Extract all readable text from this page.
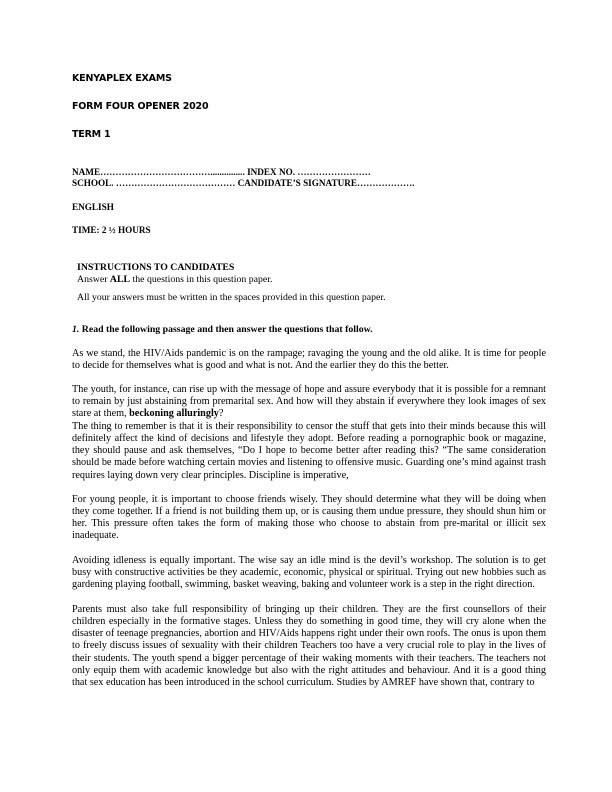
KENYAPLEX EXAMS

FORM FOUR OPENER 2020

TERM 1

NAME………………………………............... INDEX NO. ……………………

SCHOOL. ………………………………… CANDIDATE’S SIGNATURE……………….

ENGLISH

TIME: 2 ½ HOURS

INSTRUCTIONS TO CANDIDATES

Answer ALL the questions in this question paper.

All your answers must be written in the spaces provided in this question paper.

1. Read the following passage and then answer the questions that follow.

As we stand, the HIV/Aids pandemic is on the rampage; ravaging the young and the old alike. It is time for people to decide for themselves what is good and what is not. And the earlier they do this the better.

The youth, for instance, can rise up with the message of hope and assure everybody that it is possible for a remnant to remain by just abstaining from premarital sex. And how will they abstain if everywhere they look images of sex stare at them, beckoning alluringly?

The thing to remember is that it is their responsibility to censor the stuff that gets into their minds because this will definitely affect the kind of decisions and lifestyle they adopt. Before reading a pornographic book or magazine, they should pause and ask themselves, “Do I hope to become better after reading this? “The same consideration should be made before watching certain movies and listening to offensive music. Guarding one’s mind against trash requires laying down very clear principles. Discipline is imperative,

For young people, it is important to choose friends wisely. They should determine what they will be doing when they come together. If a friend is not building them up, or is causing them undue pressure, they should shun him or her. This pressure often takes the form of making those who choose to abstain from pre-marital or illicit sex inadequate.

Avoiding idleness is equally important. The wise say an idle mind is the devil’s workshop. The solution is to get busy with constructive activities be they academic, economic, physical or spiritual. Trying out new hobbies such as gardening playing football, swimming, basket weaving, baking and volunteer work is a step in the right direction.

Parents must also take full responsibility of bringing up their children. They are the first counsellors of their children especially in the formative stages. Unless they do something in good time, they will cry alone when the disaster of teenage pregnancies, abortion and HIV/Aids happens right under their own roofs. The onus is upon them to freely discuss issues of sexuality with their children Teachers too have a very crucial role to play in the lives of their students. The youth spend a bigger percentage of their waking moments with their teachers. The teachers not only equip them with academic knowledge but also with the right attitudes and behaviour. And it is a good thing that sex education has been introduced in the school curriculum. Studies by AMREF have shown that, contrary to
